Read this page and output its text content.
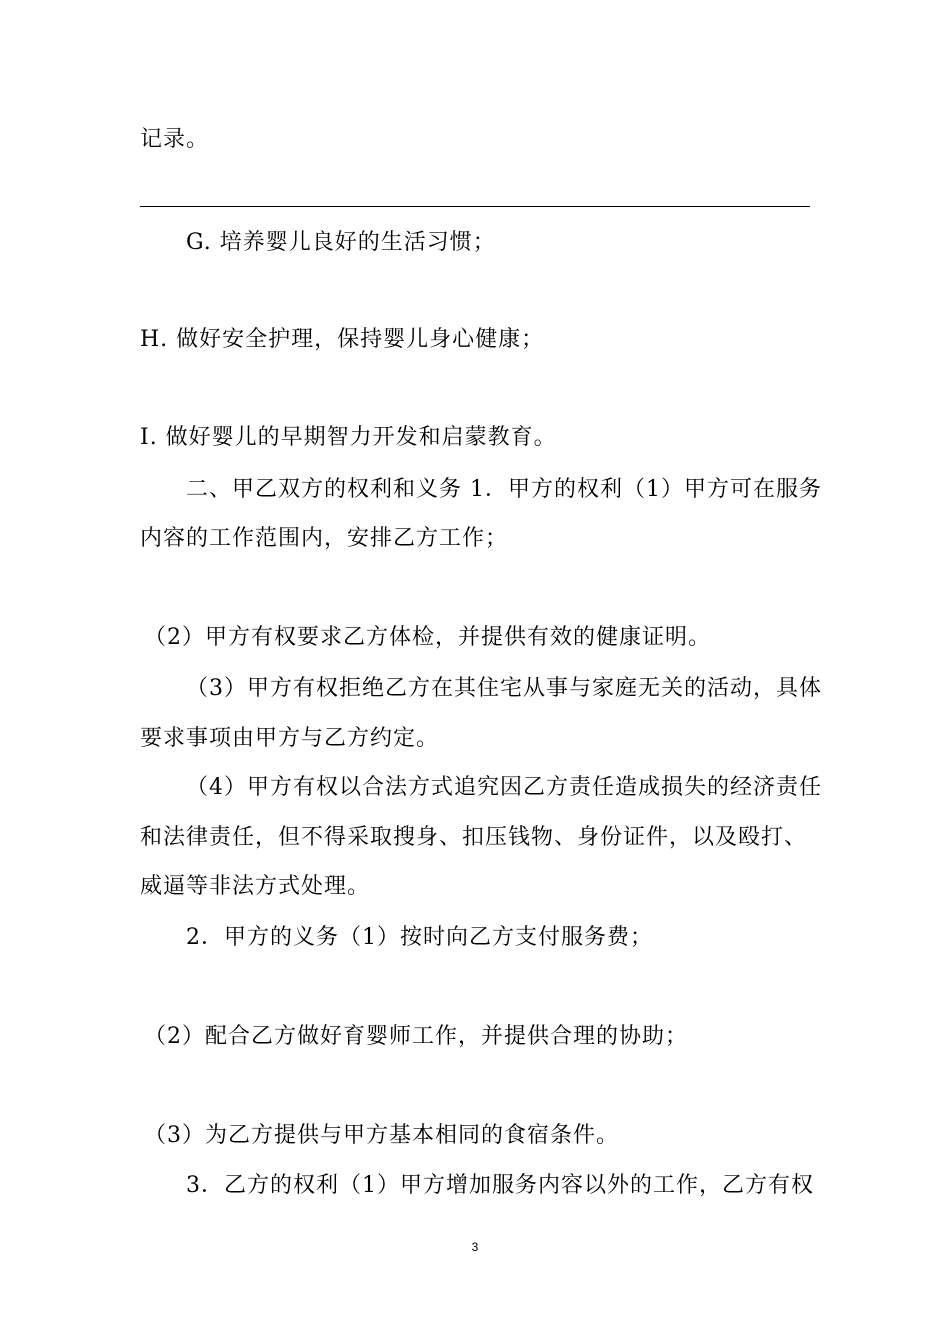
记录。
G. 培养婴儿良好的生活习惯；
H. 做好安全护理，保持婴儿身心健康；
I. 做好婴儿的早期智力开发和启蒙教育。
二、甲乙双方的权利和义务 1．甲方的权利（1）甲方可在服务
内容的工作范围内，安排乙方工作；
（2）甲方有权要求乙方体检，并提供有效的健康证明。
（3）甲方有权拒绝乙方在其住宅从事与家庭无关的活动，具体
要求事项由甲方与乙方约定。
（4）甲方有权以合法方式追究因乙方责任造成损失的经济责任
和法律责任，但不得采取搜身、扣压钱物、身份证件，以及殴打、
威逼等非法方式处理。
2．甲方的义务（1）按时向乙方支付服务费；
（2）配合乙方做好育婴师工作，并提供合理的协助；
（3）为乙方提供与甲方基本相同的食宿条件。
3．乙方的权利（1）甲方增加服务内容以外的工作，乙方有权
3
